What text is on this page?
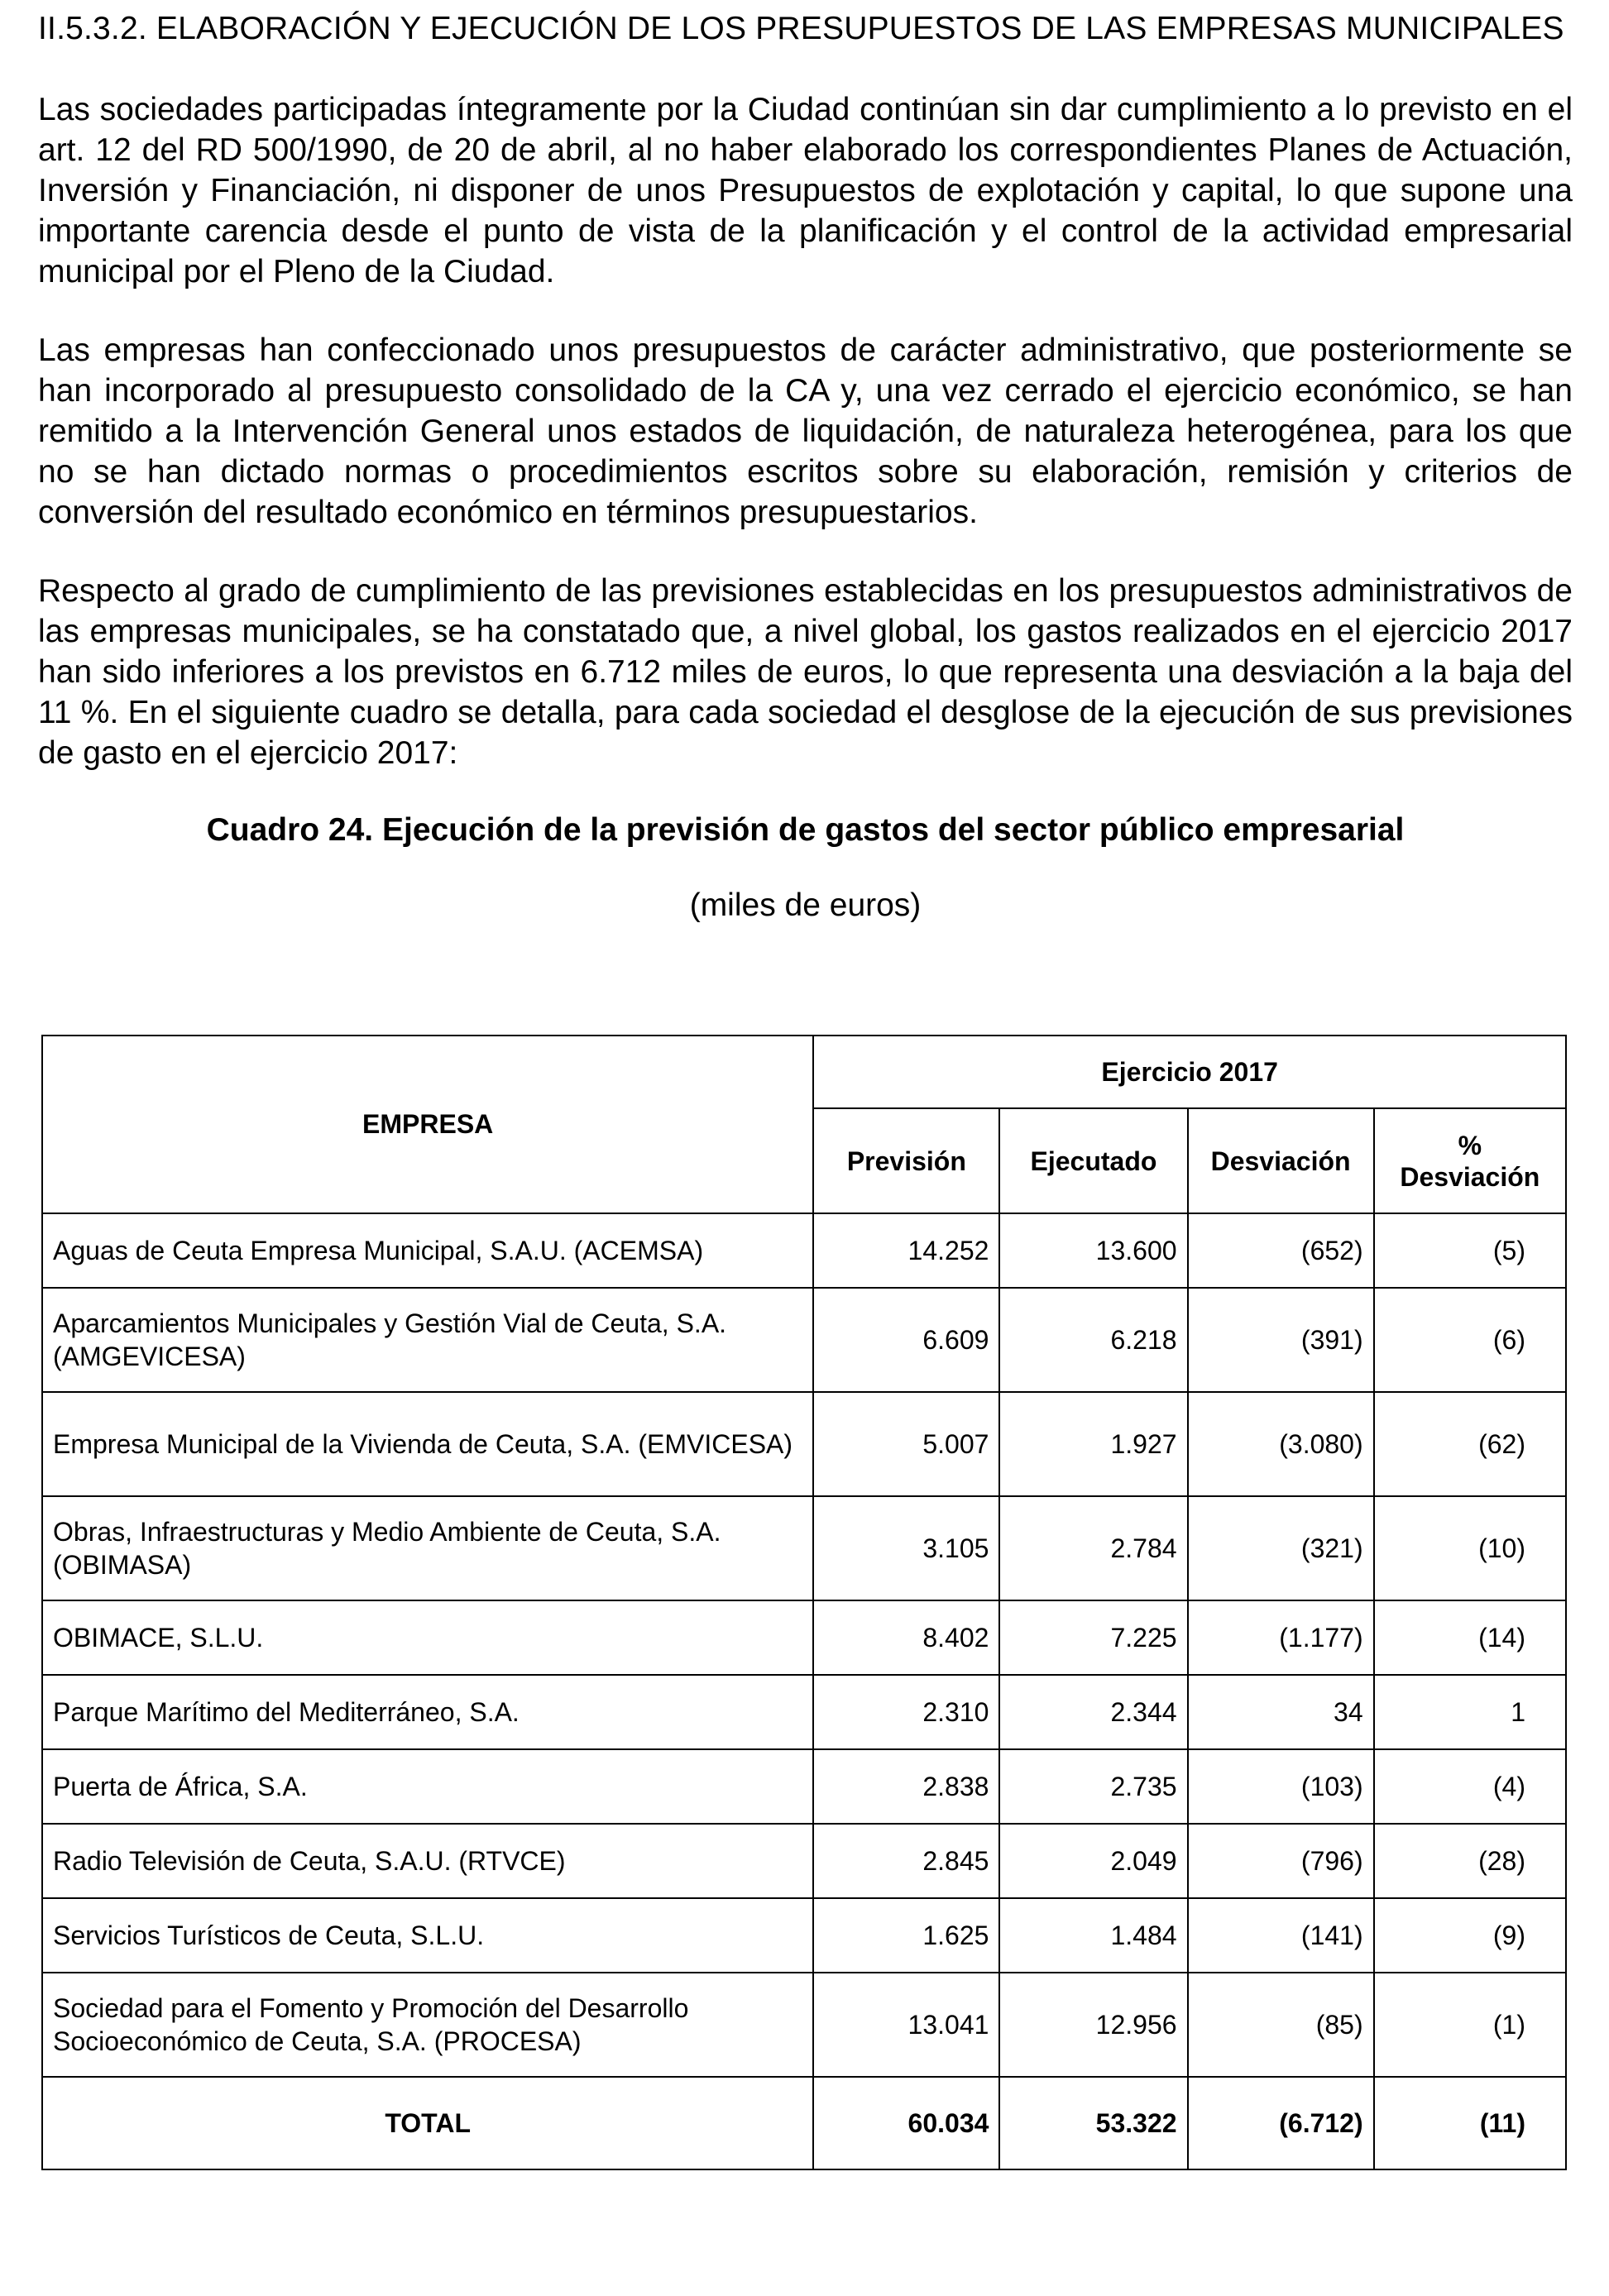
II.5.3.2. ELABORACIÓN Y EJECUCIÓN DE LOS PRESUPUESTOS DE LAS EMPRESAS MUNICIPALES

Las sociedades participadas íntegramente por la Ciudad continúan sin dar cumplimiento a lo previsto en el art. 12 del RD 500/1990, de 20 de abril, al no haber elaborado los correspondientes Planes de Actuación, Inversión y Financiación, ni disponer de unos Presupuestos de explotación y capital, lo que supone una importante carencia desde el punto de vista de la planificación y el control de la actividad empresarial municipal por el Pleno de la Ciudad.

Las empresas han confeccionado unos presupuestos de carácter administrativo, que posteriormente se han incorporado al presupuesto consolidado de la CA y, una vez cerrado el ejercicio económico, se han remitido a la Intervención General unos estados de liquidación, de naturaleza heterogénea, para los que no se han dictado normas o procedimientos escritos sobre su elaboración, remisión y criterios de conversión del resultado económico en términos presupuestarios.

Respecto al grado de cumplimiento de las previsiones establecidas en los presupuestos administrativos de las empresas municipales, se ha constatado que, a nivel global, los gastos realizados en el ejercicio 2017 han sido inferiores a los previstos en 6.712 miles de euros, lo que representa una desviación a la baja del 11 %. En el siguiente cuadro se detalla, para cada sociedad el desglose de la ejecución de sus previsiones de gasto en el ejercicio 2017:

Cuadro 24. Ejecución de la previsión de gastos del sector público empresarial
(miles de euros)
EMPRESA	Ejercicio 2017			
	Previsión	Ejecutado	Desviación	%
Desviación
Aguas de Ceuta Empresa Municipal, S.A.U. (ACEMSA)	14.252	13.600	(652)	(5)
Aparcamientos Municipales y Gestión Vial de Ceuta, S.A. (AMGEVICESA)	6.609	6.218	(391)	(6)
Empresa Municipal de la Vivienda de Ceuta, S.A. (EMVICESA)	5.007	1.927	(3.080)	(62)
Obras, Infraestructuras y Medio Ambiente de Ceuta, S.A. (OBIMASA)	3.105	2.784	(321)	(10)
OBIMACE, S.L.U.	8.402	7.225	(1.177)	(14)
Parque Marítimo del Mediterráneo, S.A.	2.310	2.344	34	1
Puerta de África, S.A.	2.838	2.735	(103)	(4)
Radio Televisión de Ceuta, S.A.U. (RTVCE)	2.845	2.049	(796)	(28)
Servicios Turísticos de Ceuta, S.L.U.	1.625	1.484	(141)	(9)
Sociedad para el Fomento y Promoción del Desarrollo Socioeconómico de Ceuta, S.A. (PROCESA)	13.041	12.956	(85)	(1)
TOTAL	60.034	53.322	(6.712)	(11)
